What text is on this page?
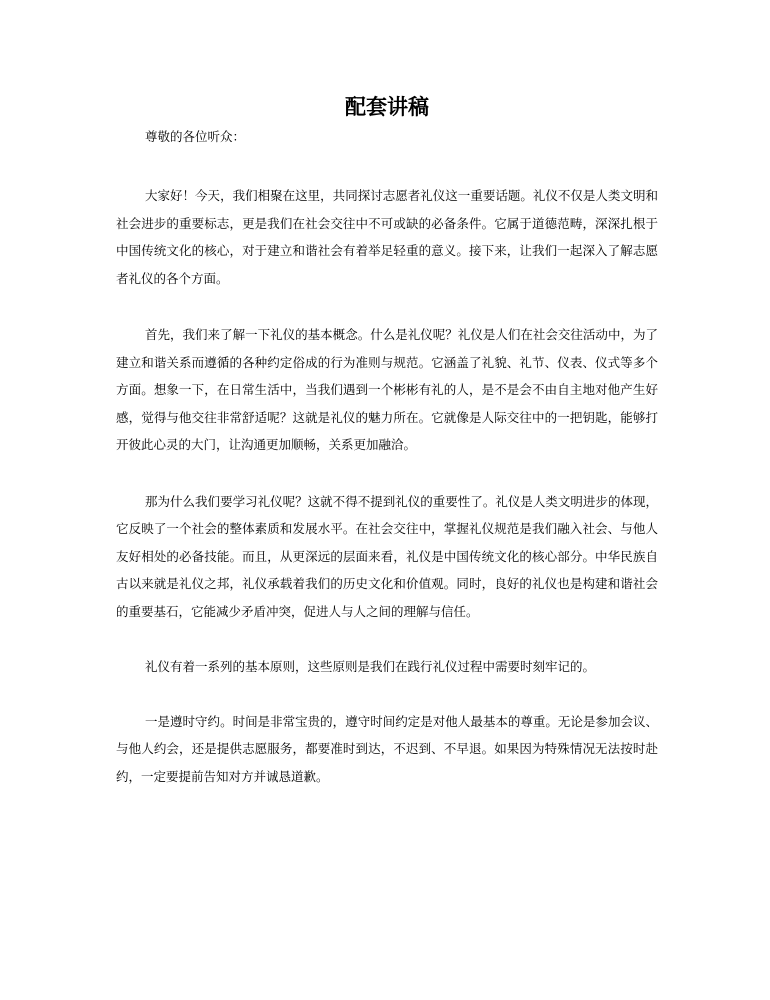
配套讲稿

尊敬的各位听众：

大家好！今天，我们相聚在这里，共同探讨志愿者礼仪这一重要话题。礼仪不仅是人类文明和社会进步的重要标志，更是我们在社会交往中不可或缺的必备条件。它属于道德范畴，深深扎根于中国传统文化的核心，对于建立和谐社会有着举足轻重的意义。接下来，让我们一起深入了解志愿者礼仪的各个方面。

首先，我们来了解一下礼仪的基本概念。什么是礼仪呢？礼仪是人们在社会交往活动中，为了建立和谐关系而遵循的各种约定俗成的行为准则与规范。它涵盖了礼貌、礼节、仪表、仪式等多个方面。想象一下，在日常生活中，当我们遇到一个彬彬有礼的人，是不是会不由自主地对他产生好感，觉得与他交往非常舒适呢？这就是礼仪的魅力所在。它就像是人际交往中的一把钥匙，能够打开彼此心灵的大门，让沟通更加顺畅，关系更加融洽。

那为什么我们要学习礼仪呢？这就不得不提到礼仪的重要性了。礼仪是人类文明进步的体现，它反映了一个社会的整体素质和发展水平。在社会交往中，掌握礼仪规范是我们融入社会、与他人友好相处的必备技能。而且，从更深远的层面来看，礼仪是中国传统文化的核心部分。中华民族自古以来就是礼仪之邦，礼仪承载着我们的历史文化和价值观。同时，良好的礼仪也是构建和谐社会的重要基石，它能减少矛盾冲突，促进人与人之间的理解与信任。

礼仪有着一系列的基本原则，这些原则是我们在践行礼仪过程中需要时刻牢记的。

一是遵时守约。时间是非常宝贵的，遵守时间约定是对他人最基本的尊重。无论是参加会议、与他人约会，还是提供志愿服务，都要准时到达，不迟到、不早退。如果因为特殊情况无法按时赴约，一定要提前告知对方并诚恳道歉。
